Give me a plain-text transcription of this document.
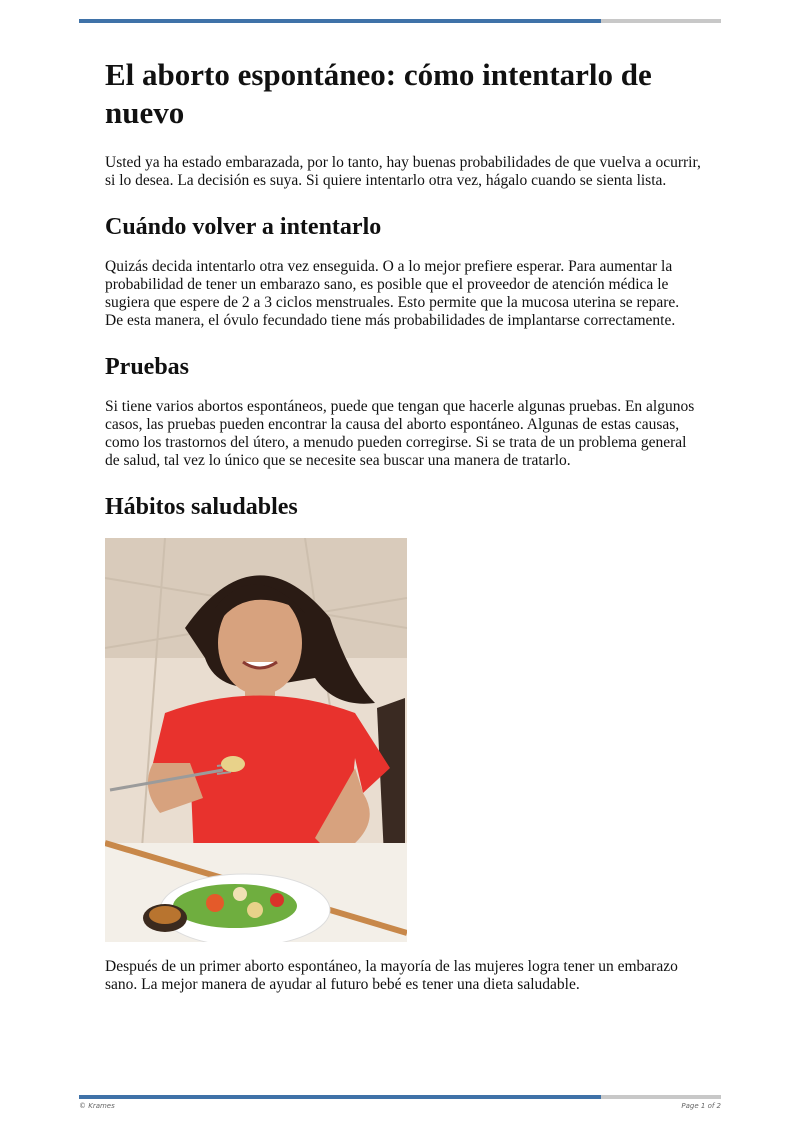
El aborto espontáneo: cómo intentarlo de nuevo

Usted ya ha estado embarazada, por lo tanto, hay buenas probabilidades de que vuelva a ocurrir, si lo desea. La decisión es suya. Si quiere intentarlo otra vez, hágalo cuando se sienta lista.

Cuándo volver a intentarlo

Quizás decida intentarlo otra vez enseguida. O a lo mejor prefiere esperar. Para aumentar la probabilidad de tener un embarazo sano, es posible que el proveedor de atención médica le sugiera que espere de 2 a 3 ciclos menstruales. Esto permite que la mucosa uterina se repare. De esta manera, el óvulo fecundado tiene más probabilidades de implantarse correctamente.

Pruebas

Si tiene varios abortos espontáneos, puede que tengan que hacerle algunas pruebas. En algunos casos, las pruebas pueden encontrar la causa del aborto espontáneo. Algunas de estas causas, como los trastornos del útero, a menudo pueden corregirse. Si se trata de un problema general de salud, tal vez lo único que se necesite sea buscar una manera de tratarlo.

Hábitos saludables

Después de un primer aborto espontáneo, la mayoría de las mujeres logra tener un embarazo sano. La mejor manera de ayudar al futuro bebé es tener una dieta saludable.

© Krames	Page 1 of 2
